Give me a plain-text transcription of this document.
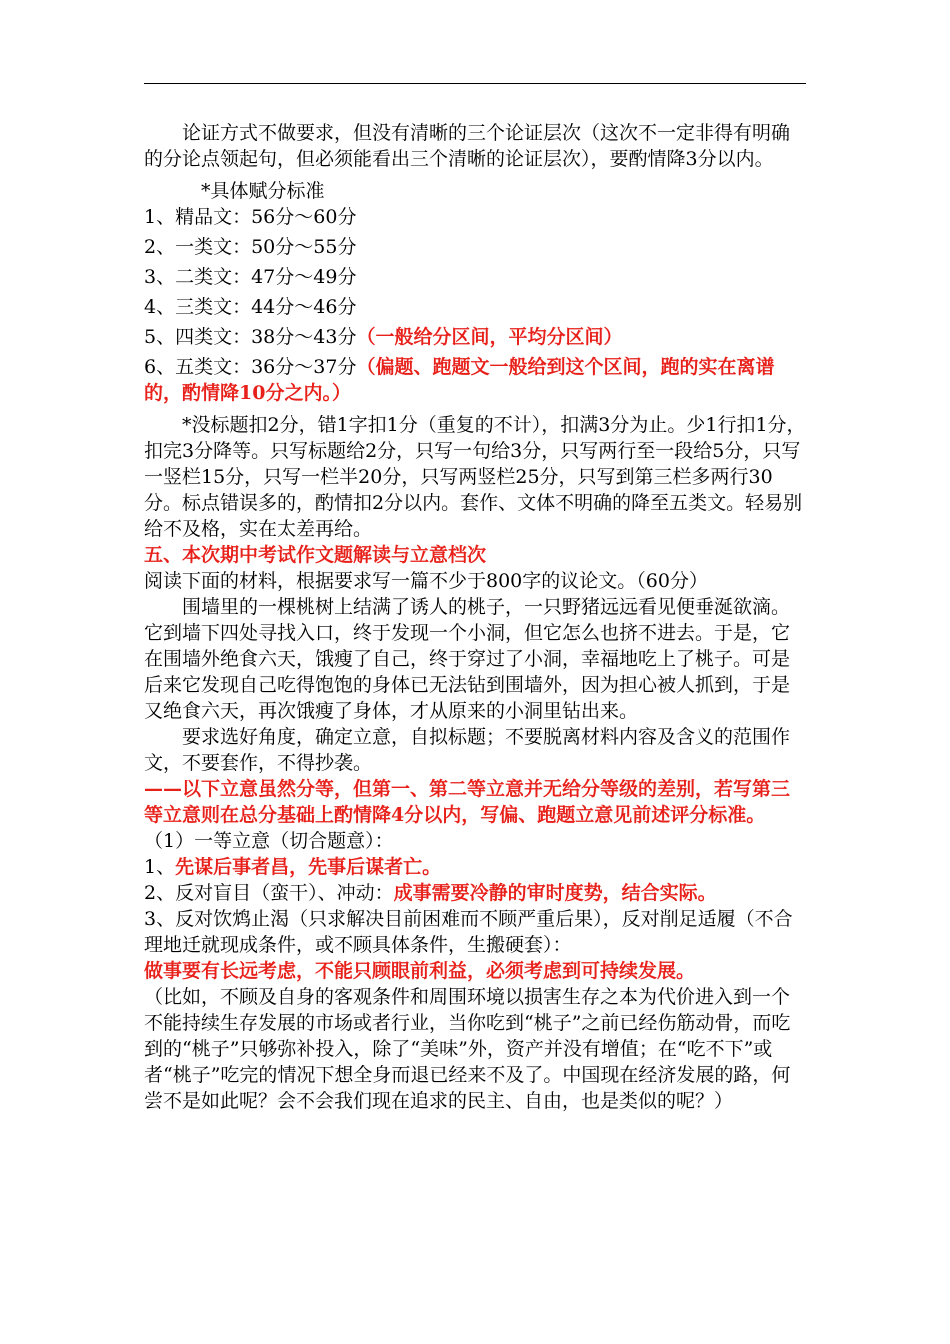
论证方式不做要求，但没有清晰的三个论证层次（这次不一定非得有明确的分论点领起句，但必须能看出三个清晰的论证层次），要酌情降3分以内。

*具体赋分标准

1、精品文：56分～60分

2、一类文：50分～55分

3、二类文：47分～49分

4、三类文：44分～46分

5、四类文：38分～43分（一般给分区间，平均分区间）

6、五类文：36分～37分（偏题、跑题文一般给到这个区间，跑的实在离谱的，酌情降10分之内。）

*没标题扣2分，错1字扣1分（重复的不计），扣满3分为止。少1行扣1分，扣完3分降等。只写标题给2分，只写一句给3分，只写两行至一段给5分，只写一竖栏15分，只写一栏半20分，只写两竖栏25分，只写到第三栏多两行30分。标点错误多的，酌情扣2分以内。套作、文体不明确的降至五类文。轻易别给不及格，实在太差再给。

五、本次期中考试作文题解读与立意档次

阅读下面的材料，根据要求写一篇不少于800字的议论文。（60分）

围墙里的一棵桃树上结满了诱人的桃子，一只野猪远远看见便垂涎欲滴。它到墙下四处寻找入口，终于发现一个小洞，但它怎么也挤不进去。于是，它在围墙外绝食六天，饿瘦了自己，终于穿过了小洞，幸福地吃上了桃子。可是后来它发现自己吃得饱饱的身体已无法钻到围墙外，因为担心被人抓到，于是又绝食六天，再次饿瘦了身体，才从原来的小洞里钻出来。

要求选好角度，确定立意，自拟标题；不要脱离材料内容及含义的范围作文，不要套作，不得抄袭。

——以下立意虽然分等，但第一、第二等立意并无给分等级的差别，若写第三等立意则在总分基础上酌情降4分以内，写偏、跑题立意见前述评分标准。

（1）一等立意（切合题意）：

1、先谋后事者昌，先事后谋者亡。

2、反对盲目（蛮干）、冲动：成事需要冷静的审时度势，结合实际。

3、反对饮鸩止渴（只求解决目前困难而不顾严重后果），反对削足适履（不合理地迁就现成条件，或不顾具体条件，生搬硬套）：

做事要有长远考虑，不能只顾眼前利益，必须考虑到可持续发展。

（比如，不顾及自身的客观条件和周围环境以损害生存之本为代价进入到一个不能持续生存发展的市场或者行业，当你吃到“桃子”之前已经伤筋动骨，而吃到的“桃子”只够弥补投入，除了“美味”外，资产并没有增值；在“吃不下”或者“桃子”吃完的情况下想全身而退已经来不及了。中国现在经济发展的路，何尝不是如此呢？会不会我们现在追求的民主、自由，也是类似的呢？）
